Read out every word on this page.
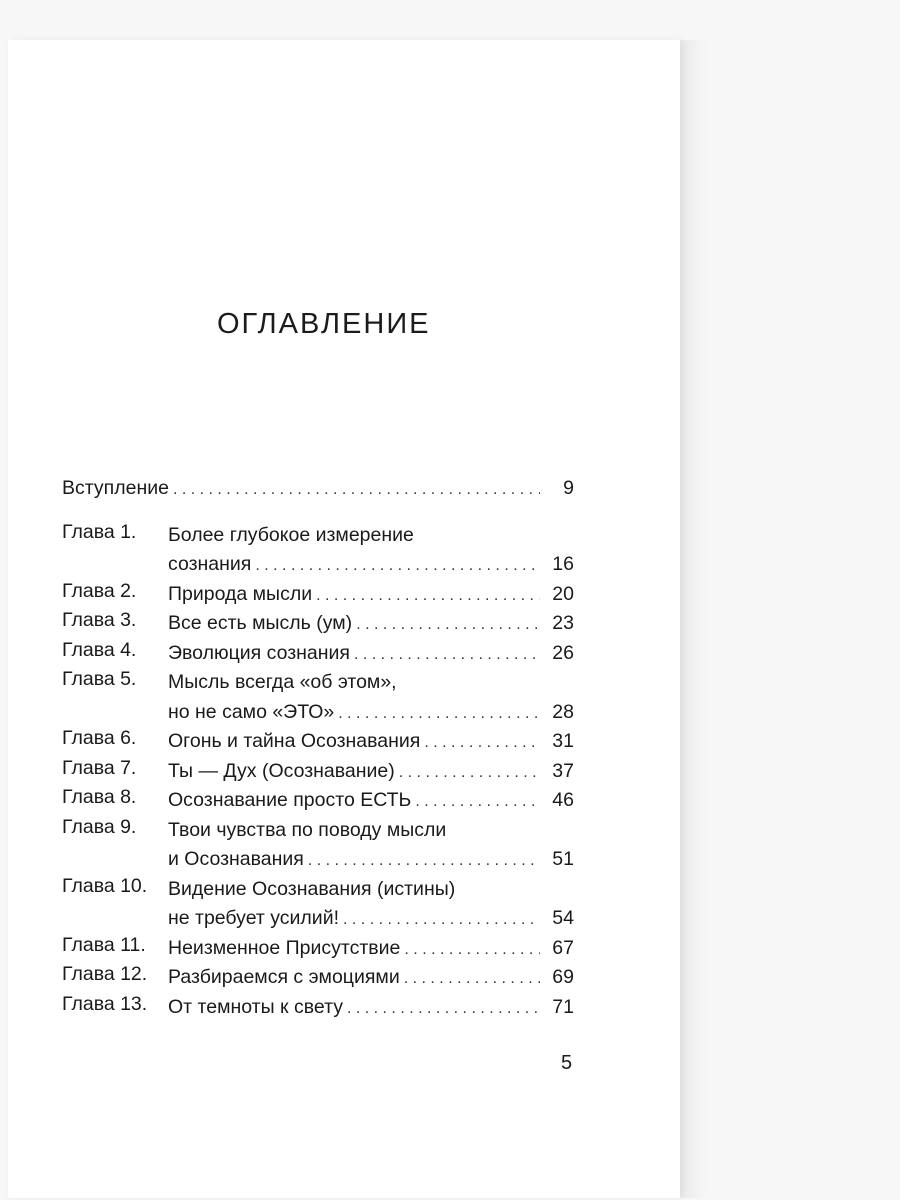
ОГЛАВЛЕНИЕ
Вступление . . .	9
Глава 1.	Более глубокое измерение
сознания . . .	16
Глава 2.	Природа мысли . . .	20
Глава 3.	Все есть мысль (ум) . . .	23
Глава 4.	Эволюция сознания . . .	26
Глава 5.	Мысль всегда «об этом»,
но не само «ЭТО» . . .	28
Глава 6.	Огонь и тайна Осознавания . . .	31
Глава 7.	Ты — Дух (Осознавание) . . .	37
Глава 8.	Осознавание просто ЕСТЬ . . .	46
Глава 9.	Твои чувства по поводу мысли
и Осознавания . . .	51
Глава 10.	Видение Осознавания (истины)
не требует усилий! . . .	54
Глава 11.	Неизменное Присутствие . . .	67
Глава 12.	Разбираемся с эмоциями . . .	69
Глава 13.	От темноты к свету . . .	71
5
